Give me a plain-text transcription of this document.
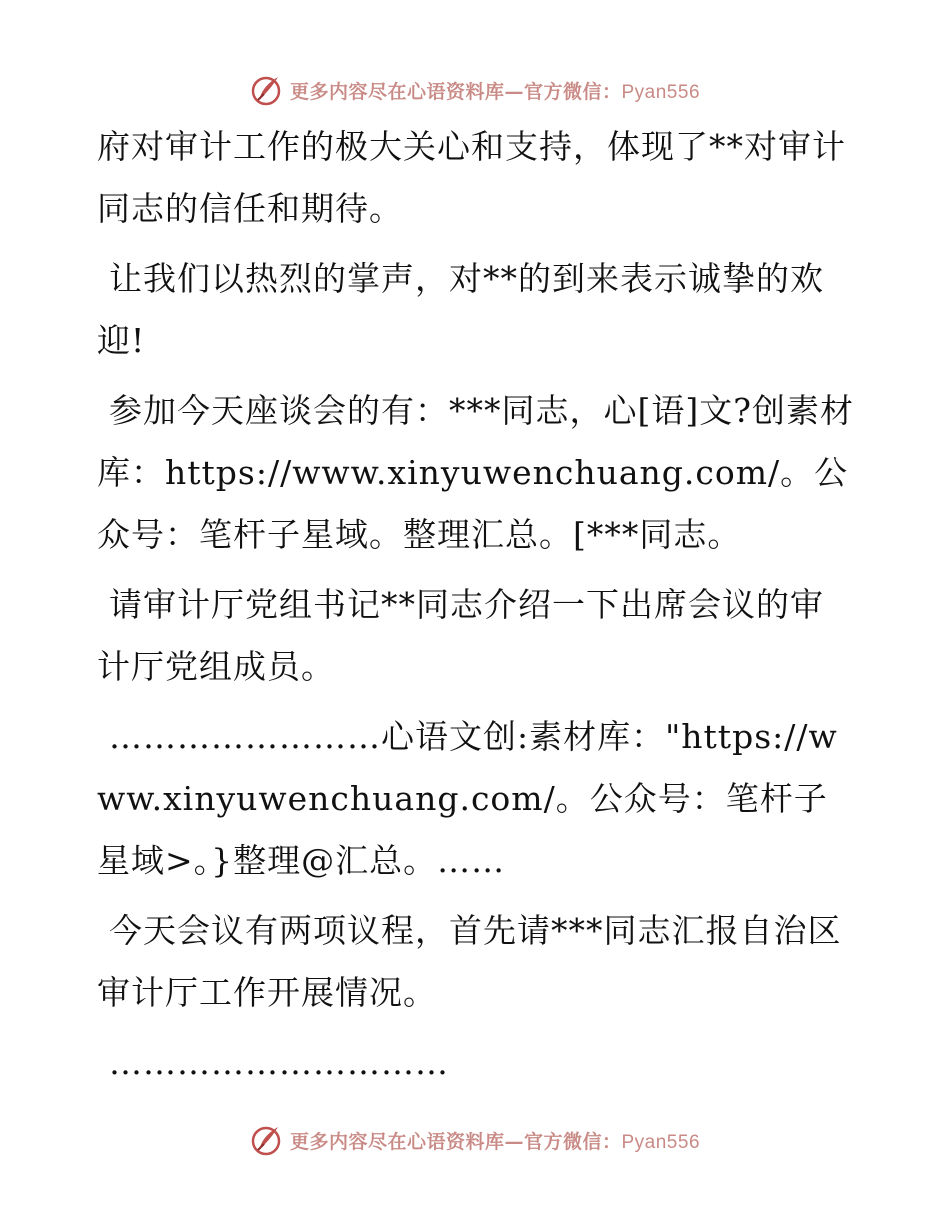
更多内容尽在心语资料库—官方微信：Pyan556

府对审计工作的极大关心和支持，体现了**对审计同志的信任和期待。

让我们以热烈的掌声，对**的到来表示诚挚的欢迎!

参加今天座谈会的有：***同志，心[语]文?创素材库：https://www.xinyuwenchuang.com/。公众号：笔杆子星域。整理汇总。[***同志。

请审计厅党组书记**同志介绍一下出席会议的审计厅党组成员。

……………………心语文创:素材库："https://www.xinyuwenchuang.com/。公众号：笔杆子星域>。}整理@汇总。……

今天会议有两项议程，首先请***同志汇报自治区审计厅工作开展情况。

…………………………

更多内容尽在心语资料库—官方微信：Pyan556
